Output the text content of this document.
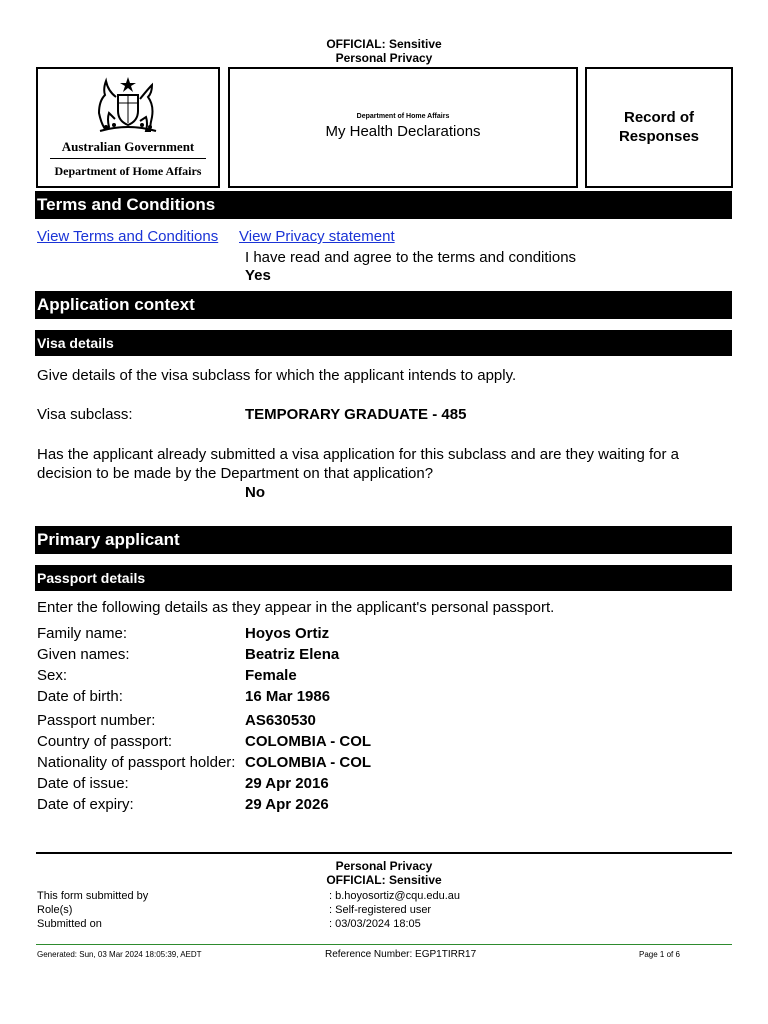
OFFICIAL: Sensitive
Personal Privacy
Australian Government
Department of Home Affairs
Department of Home Affairs
My Health Declarations
Record of
Responses
Terms and Conditions
View Terms and Conditions View Privacy statement
I have read and agree to the terms and conditions
Yes
Application context
Visa details
Give details of the visa subclass for which the applicant intends to apply.
Visa subclass:	TEMPORARY GRADUATE - 485
Has the applicant already submitted a visa application for this subclass and are they waiting for a
decision to be made by the Department on that application?
No
Primary applicant
Passport details
Enter the following details as they appear in the applicant's personal passport.
Family name:	Hoyos Ortiz
Given names:	Beatriz Elena
Sex:	Female
Date of birth:	16 Mar 1986
Passport number:	AS630530
Country of passport:	COLOMBIA - COL
Nationality of passport holder: COLOMBIA - COL
Date of issue:	29 Apr 2016
Date of expiry:	29 Apr 2026
Personal Privacy
OFFICIAL: Sensitive
This form submitted by	: b.hoyosortiz@cqu.edu.au
Role(s)	: Self-registered user
Submitted on	: 03/03/2024 18:05
Generated: Sun, 03 Mar 2024 18:05:39, AEDT	Reference Number: EGP1TIRR17	Page 1 of 6
